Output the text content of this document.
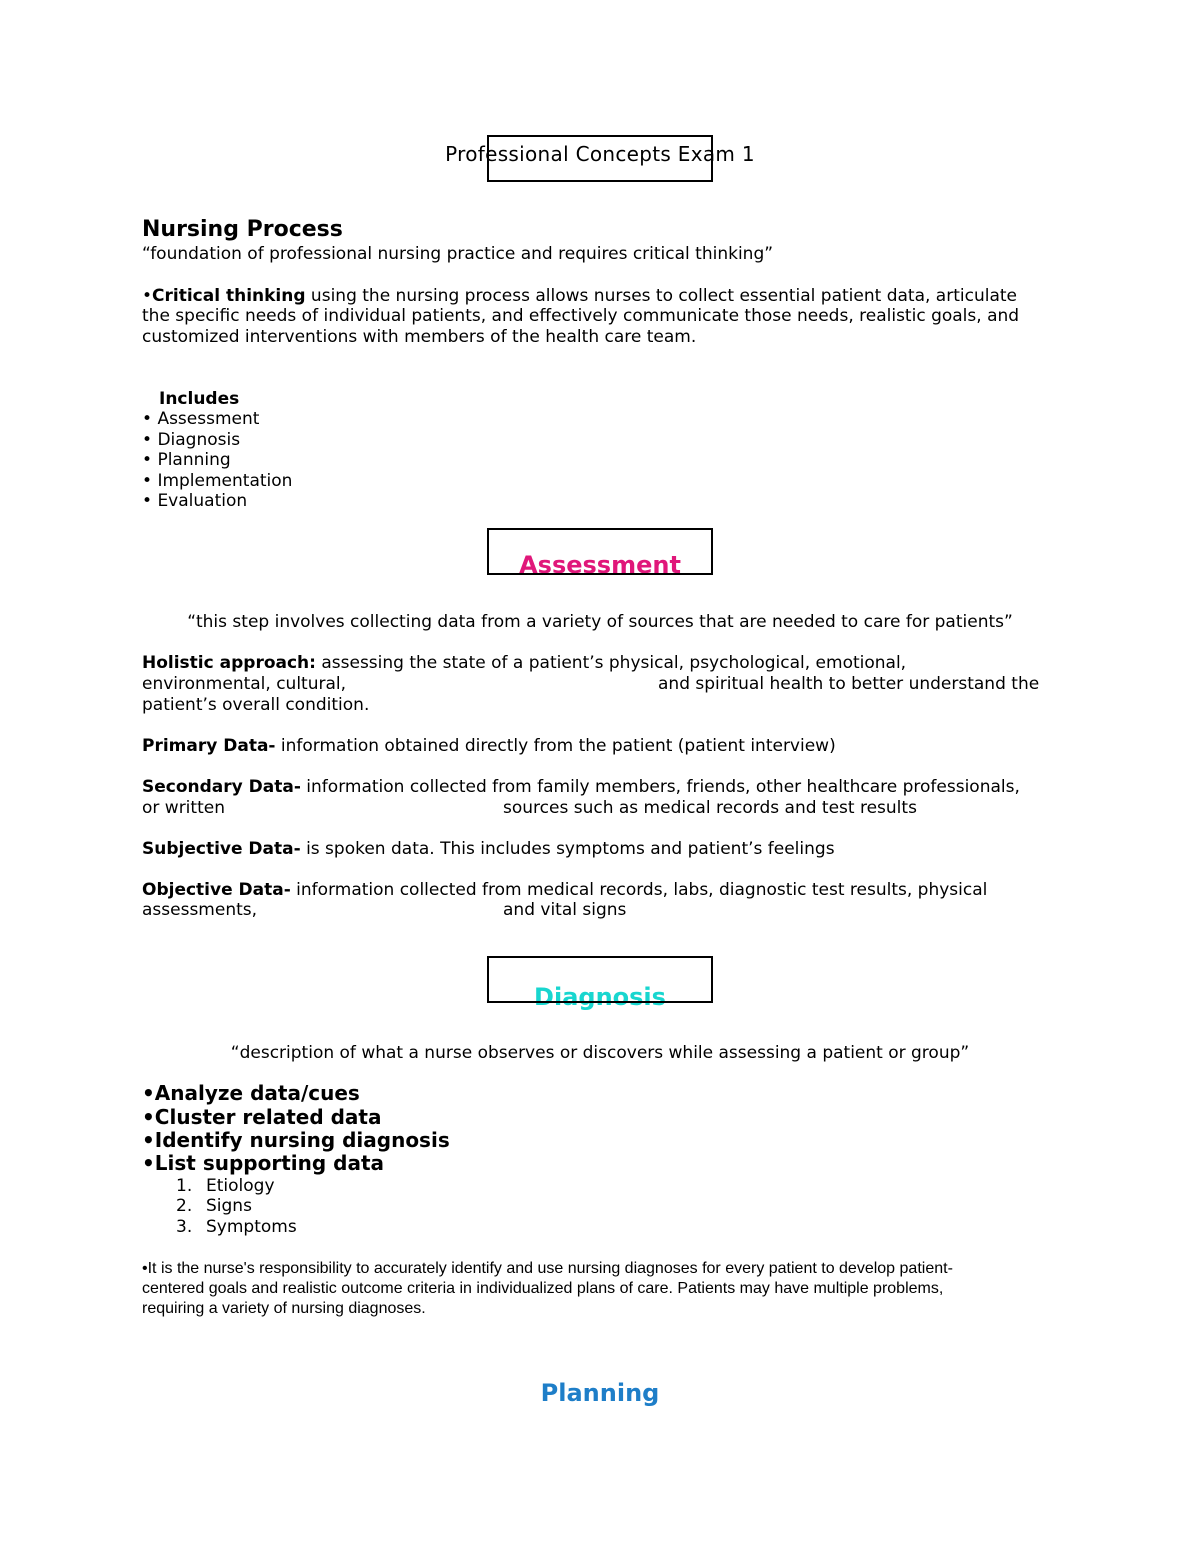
Professional Concepts Exam 1
Nursing Process
“foundation of professional nursing practice and requires critical thinking”
•Critical thinking using the nursing process allows nurses to collect essential patient data, articulate
the specific needs of individual patients, and effectively communicate those needs, realistic goals, and
customized interventions with members of the health care team.
Includes
• Assessment
• Diagnosis
• Planning
• Implementation
• Evaluation
Assessment
“this step involves collecting data from a variety of sources that are needed to care for patients”
Holistic approach: assessing the state of a patient’s physical, psychological, emotional,
environmental, cultural,	and spiritual health to better understand the
patient’s overall condition.
Primary Data- information obtained directly from the patient (patient interview)
Secondary Data- information collected from family members, friends, other healthcare professionals,
or written	sources such as medical records and test results
Subjective Data- is spoken data. This includes symptoms and patient’s feelings
Objective Data- information collected from medical records, labs, diagnostic test results, physical
assessments,	and vital signs
Diagnosis
“description of what a nurse observes or discovers while assessing a patient or group”
•Analyze data/cues
•Cluster related data
•Identify nursing diagnosis
•List supporting data
1. Etiology
2. Signs
3. Symptoms
•It is the nurse's responsibility to accurately identify and use nursing diagnoses for every patient to develop patient-
centered goals and realistic outcome criteria in individualized plans of care. Patients may have multiple problems,
requiring a variety of nursing diagnoses.
Planning
